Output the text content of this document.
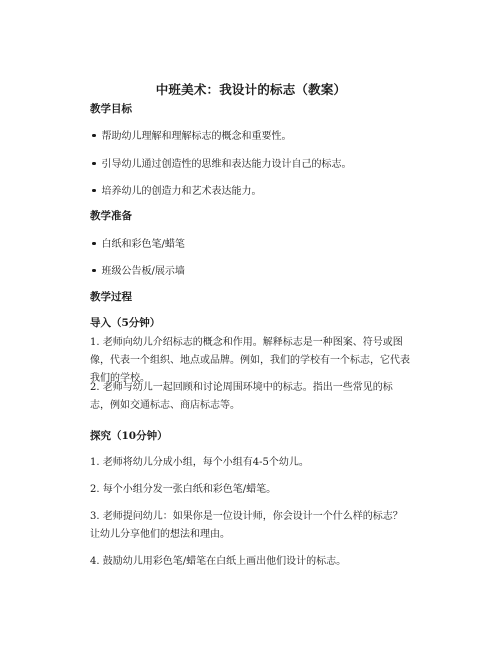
中班美术：我设计的标志（教案）
教学目标
帮助幼儿理解和理解标志的概念和重要性。
引导幼儿通过创造性的思维和表达能力设计自己的标志。
培养幼儿的创造力和艺术表达能力。
教学准备
白纸和彩色笔/蜡笔
班级公告板/展示墙
教学过程
导入（5分钟）
1. 老师向幼儿介绍标志的概念和作用。解释标志是一种图案、符号或图像，代表一个组织、地点或品牌。例如，我们的学校有一个标志，它代表我们的学校。
2. 老师与幼儿一起回顾和讨论周围环境中的标志。指出一些常见的标志，例如交通标志、商店标志等。
探究（10分钟）
1. 老师将幼儿分成小组，每个小组有4-5个幼儿。
2. 每个小组分发一张白纸和彩色笔/蜡笔。
3. 老师提问幼儿：如果你是一位设计师，你会设计一个什么样的标志？让幼儿分享他们的想法和理由。
4. 鼓励幼儿用彩色笔/蜡笔在白纸上画出他们设计的标志。
